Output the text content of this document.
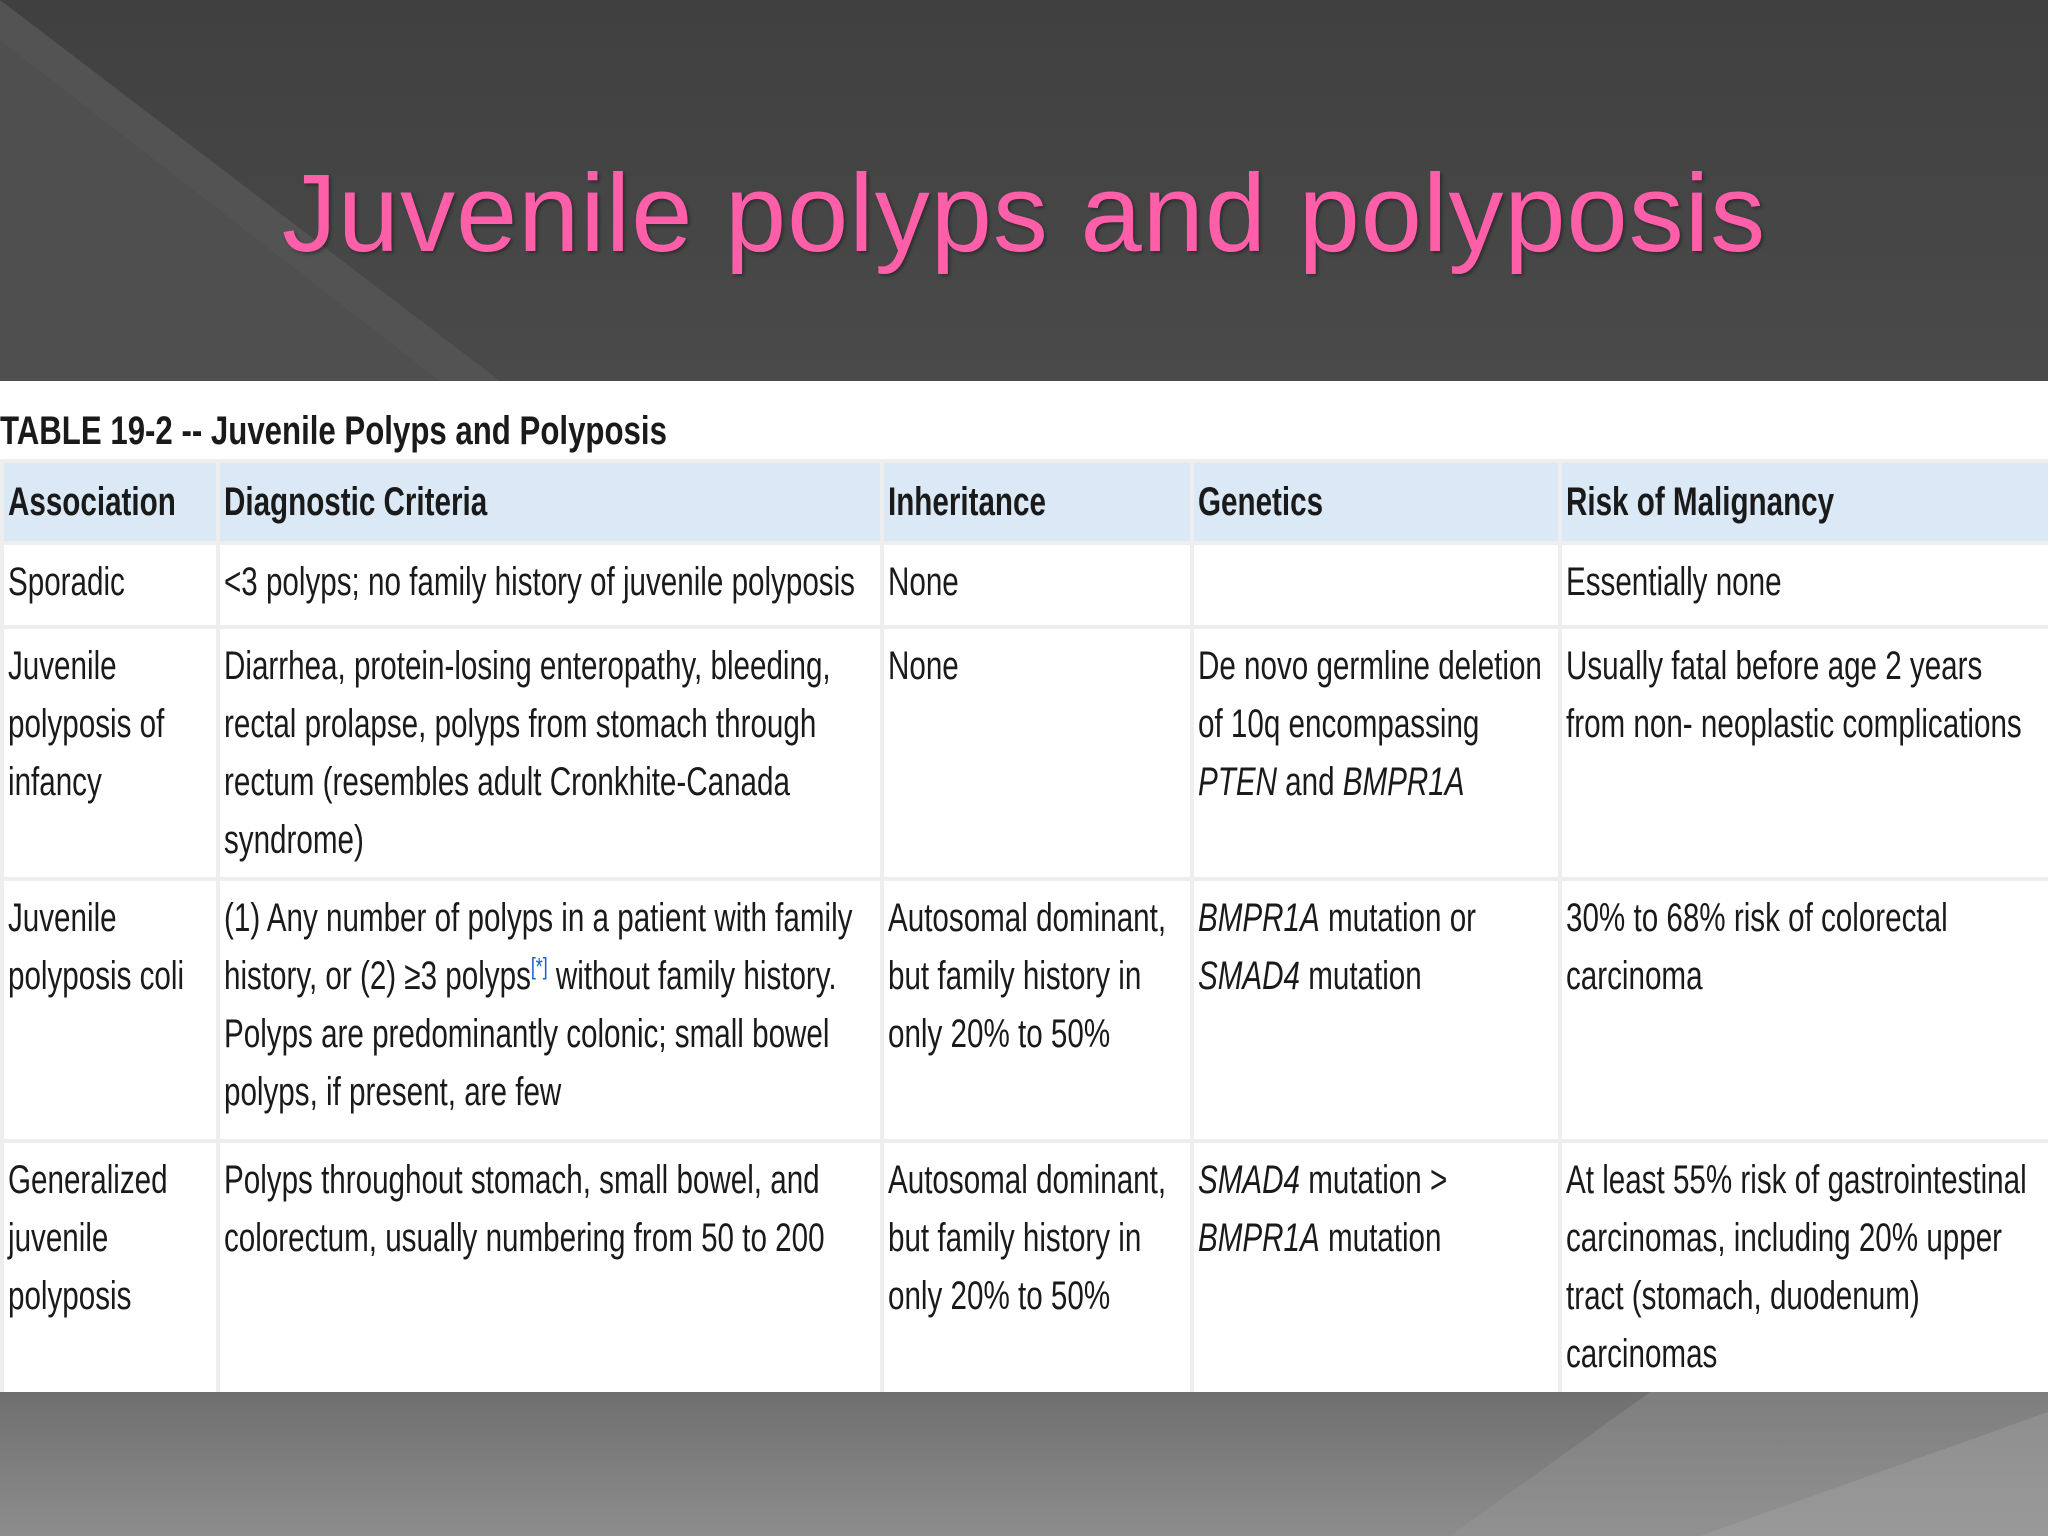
Juvenile polyps and polyposis
TABLE 19-2 -- Juvenile Polyps and Polyposis
Association	Diagnostic Criteria	Inheritance	Genetics	Risk of Malignancy
Sporadic	<3 polyps; no family history of juvenile polyposis	None		Essentially none
Juvenile polyposis of infancy	Diarrhea, protein-losing enteropathy, bleeding, rectal prolapse, polyps from stomach through rectum (resembles adult Cronkhite-Canada syndrome)	None	De novo germline deletion of 10q encompassing PTEN and BMPR1A	Usually fatal before age 2 years from non- neoplastic complications
Juvenile polyposis coli	(1) Any number of polyps in a patient with family history, or (2) ≥3 polyps[*] without family history. Polyps are predominantly colonic; small bowel polyps, if present, are few	Autosomal dominant, but family history in only 20% to 50%	BMPR1A mutation or SMAD4 mutation	30% to 68% risk of colorectal carcinoma
Generalized juvenile polyposis	Polyps throughout stomach, small bowel, and colorectum, usually numbering from 50 to 200	Autosomal dominant, but family history in only 20% to 50%	SMAD4 mutation > BMPR1A mutation	At least 55% risk of gastrointestinal carcinomas, including 20% upper tract (stomach, duodenum) carcinomas
